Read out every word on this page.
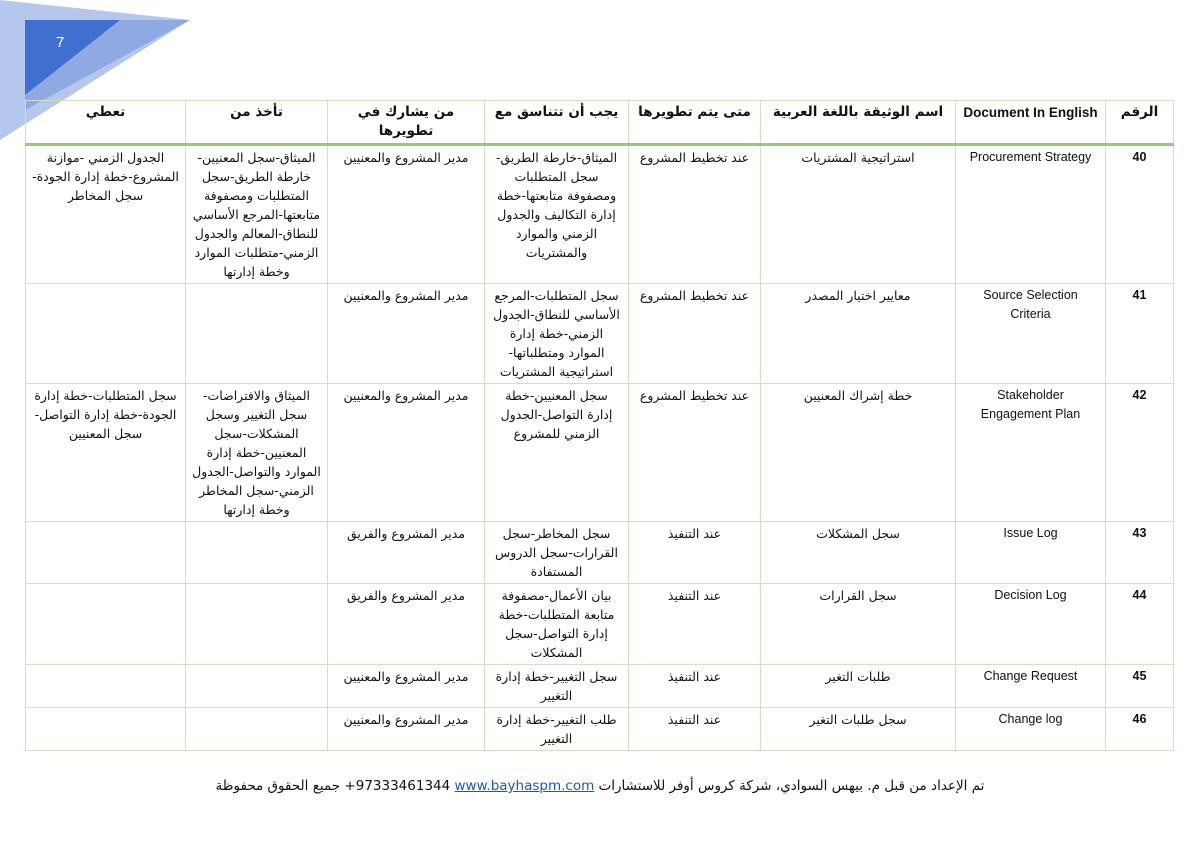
7
الرقم	Document In English	اسم الوثيقة باللغة العربية	متى يتم تطويرها	يجب أن تتناسق مع	من يشارك في تطويرها	تأخذ من	تعطي
40	Procurement Strategy	استراتيجية المشتريات	عند تخطيط المشروع	الميثاق-خارطة الطريق-سجل المتطلبات ومصفوفة متابعتها-خطة إدارة التكاليف والجدول الزمني والموارد والمشتريات	مدير المشروع والمعنيين	الميثاق-سجل المعنيين-خارطة الطريق-سجل المتطلبات ومصفوفة متابعتها-المرجع الأساسي للنطاق-المعالم والجدول الزمني-متطلبات الموارد وخطة إدارتها	الجدول الزمني -موازنة المشروع-خطة إدارة الجودة-سجل المخاطر
41	Source Selection Criteria	معايير اختيار المصدر	عند تخطيط المشروع	سجل المتطلبات-المرجع الأساسي للنطاق-الجدول الزمني-خطة إدارة الموارد ومتطلباتها-استراتيجية المشتريات	مدير المشروع والمعنيين		
42	Stakeholder Engagement Plan	خطة إشراك المعنيين	عند تخطيط المشروع	سجل المعنيين-خطة إدارة التواصل-الجدول الزمني للمشروع	مدير المشروع والمعنيين	الميثاق والافتراضات-سجل التغيير وسجل المشكلات-سجل المعنيين-خطة إدارة الموارد والتواصل-الجدول الزمني-سجل المخاطر وخطة إدارتها	سجل المتطلبات-خطة إدارة الجودة-خطة إدارة التواصل-سجل المعنيين
43	Issue Log	سجل المشكلات	عند التنفيذ	سجل المخاطر-سجل القرارات-سجل الدروس المستفادة	مدير المشروع والفريق		
44	Decision Log	سجل القرارات	عند التنفيذ	بيان الأعمال-مصفوفة متابعة المتطلبات-خطة إدارة التواصل-سجل المشكلات	مدير المشروع والفريق		
45	Change Request	طلبات التغير	عند التنفيذ	سجل التغيير-خطة إدارة التغيير	مدير المشروع والمعنيين		
46	Change log	سجل طلبات التغير	عند التنفيذ	طلب التغيير-خطة إدارة التغيير	مدير المشروع والمعنيين		
تم الإعداد من قبل م. بيهس السوادي، شركة كروس أوفر للاستشارات +97333461344 www.bayhaspm.com جميع الحقوق محفوظة
